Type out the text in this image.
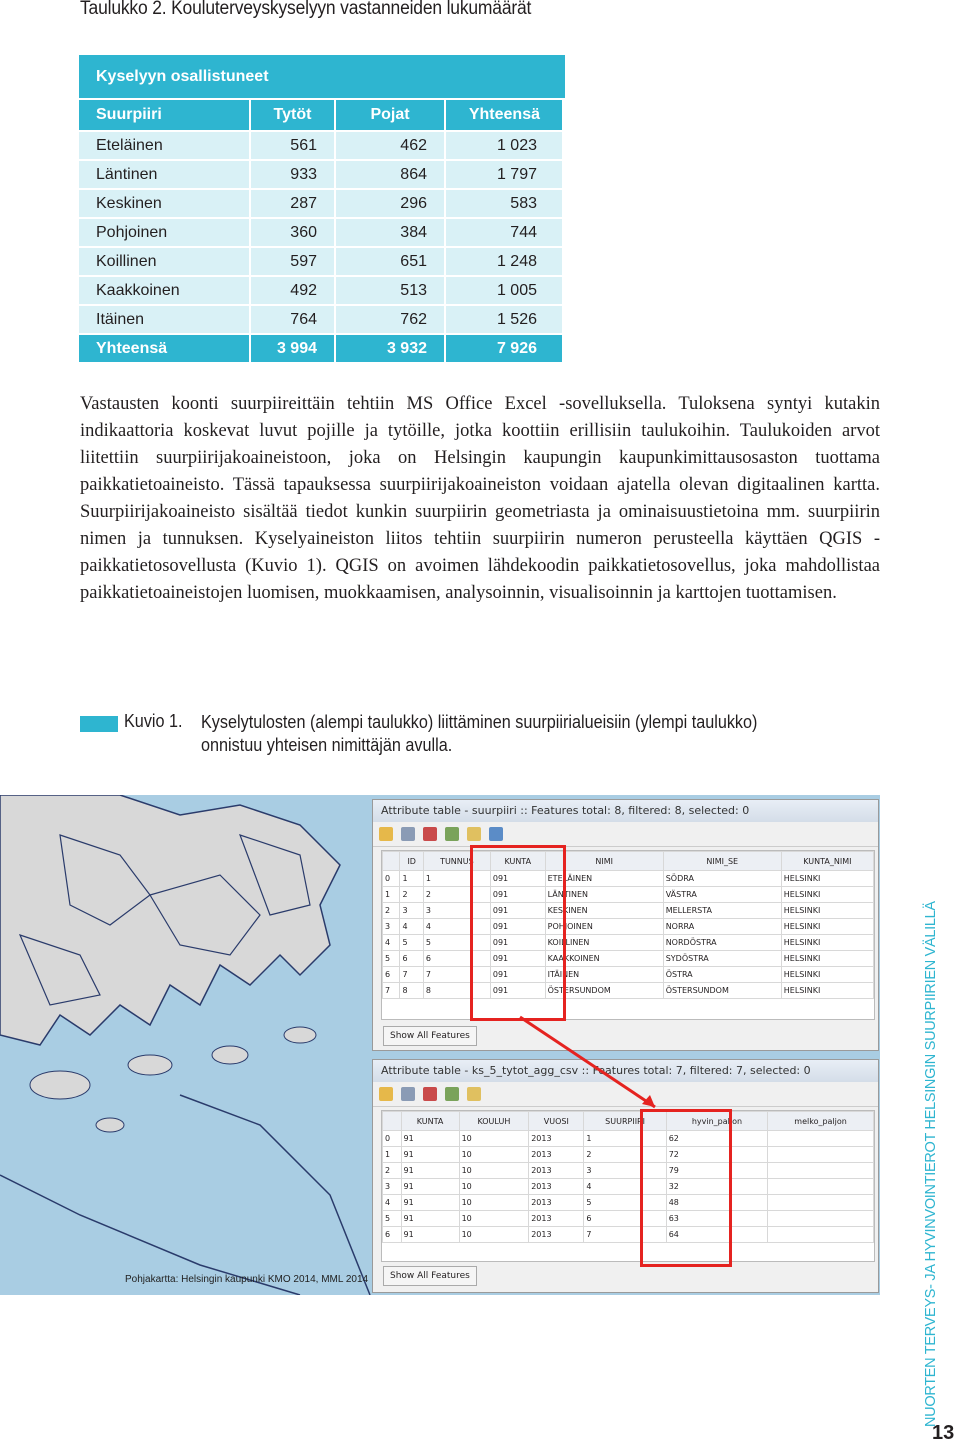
Taulukko 2. Kouluterveyskyselyyn vastanneiden lukumäärät
Kyselyyn osallistuneet
Suurpiiri	Tytöt	Pojat	Yhteensä
Eteläinen	561	462	1 023
Läntinen	933	864	1 797
Keskinen	287	296	583
Pohjoinen	360	384	744
Koillinen	597	651	1 248
Kaakkoinen	492	513	1 005
Itäinen	764	762	1 526
Yhteensä	3 994	3 932	7 926
Vastausten koonti suurpiireittäin tehtiin MS Office Excel -sovelluksella. Tuloksena syntyi kutakin indikaattoria koskevat luvut pojille ja tytöille, jotka koottiin erillisiin taulukoihin. Taulukoiden arvot liitettiin suurpiirijakoaineistoon, joka on Helsingin kaupungin kaupunkimittausosaston tuottama paikkatietoaineisto. Tässä tapauksessa suurpiirijakoaineiston voidaan ajatella olevan digitaalinen kartta. Suurpiirijakoaineisto sisältää tiedot kunkin suurpiirin geometriasta ja ominaisuustietoina mm. suurpiirin nimen ja tunnuksen. Kyselyaineiston liitos tehtiin suurpiirin numeron perusteella käyttäen QGIS -paikkatietosovellusta (Kuvio 1). QGIS on avoimen lähdekoodin paikkatietosovellus, joka mahdollistaa paikkatietoaineistojen luomisen, muokkaamisen, analysoinnin, visualisoinnin ja karttojen tuottamisen.
Kuvio 1. Kyselytulosten (alempi taulukko) liittäminen suurpiirialueisiin (ylempi taulukko)
onnistuu yhteisen nimittäjän avulla.
Attribute table - suurpiiri :: Features total: 8, filtered: 8, selected: 0
	ID	TUNNUS	KUNTA	NIMI	NIMI_SE	KUNTA_NIMI
0	1	1	091	ETELÄINEN	SÖDRA	HELSINKI
1	2	2	091	LÄNTINEN	VÄSTRA	HELSINKI
2	3	3	091	KESKINEN	MELLERSTA	HELSINKI
3	4	4	091	POHJOINEN	NORRA	HELSINKI
4	5	5	091	KOILLINEN	NORDÖSTRA	HELSINKI
5	6	6	091	KAAKKOINEN	SYDÖSTRA	HELSINKI
6	7	7	091	ITÄINEN	ÖSTRA	HELSINKI
7	8	8	091	ÖSTERSUNDOM	ÖSTERSUNDOM	HELSINKI
Show All Features
Attribute table - ks_5_tytot_agg_csv :: Features total: 7, filtered: 7, selected: 0
	KUNTA	KOULUH	VUOSI	SUURPIIRI	hyvin_paljon	melko_paljon
0	91	10	2013	1	62	
1	91	10	2013	2	72	
2	91	10	2013	3	79	
3	91	10	2013	4	32	
4	91	10	2013	5	48	
5	91	10	2013	6	63	
6	91	10	2013	7	64	
Show All Features
Pohjakartta: Helsingin kaupunki KMO 2014, MML 2014	NUORTEN TERVEYS- JA HYVINVOINTIEROT HELSINGIN SUURPIIRIEN VÄLILLÄ
13
